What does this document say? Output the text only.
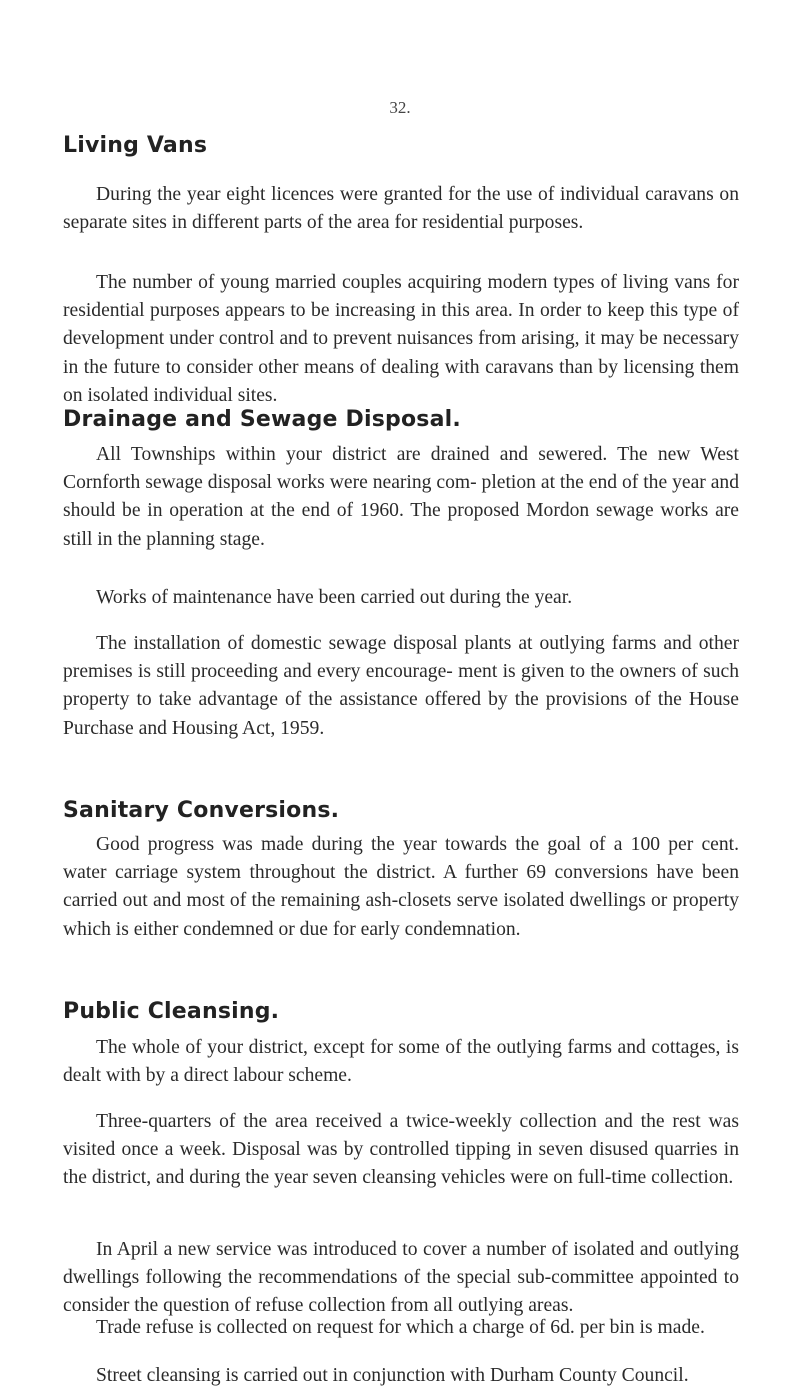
32.
Living Vans

During the year eight licences were granted for the use of individual caravans on separate sites in different parts of the area for residential purposes.

The number of young married couples acquiring modern types of living vans for residential purposes appears to be increasing in this area. In order to keep this type of development under control and to prevent nuisances from arising, it may be necessary in the future to consider other means of dealing with caravans than by licensing them on isolated individual sites.

Drainage and Sewage Disposal.

All Townships within your district are drained and sewered. The new West Cornforth sewage disposal works were nearing com- pletion at the end of the year and should be in operation at the end of 1960. The proposed Mordon sewage works are still in the planning stage.

Works of maintenance have been carried out during the year.

The installation of domestic sewage disposal plants at outlying farms and other premises is still proceeding and every encourage- ment is given to the owners of such property to take advantage of the assistance offered by the provisions of the House Purchase and Housing Act, 1959.

Sanitary Conversions.

Good progress was made during the year towards the goal of a 100 per cent. water carriage system throughout the district. A further 69 conversions have been carried out and most of the remaining ash-closets serve isolated dwellings or property which is either condemned or due for early condemnation.

Public Cleansing.

The whole of your district, except for some of the outlying farms and cottages, is dealt with by a direct labour scheme.

Three-quarters of the area received a twice-weekly collection and the rest was visited once a week. Disposal was by controlled tipping in seven disused quarries in the district, and during the year seven cleansing vehicles were on full-time collection.

In April a new service was introduced to cover a number of isolated and outlying dwellings following the recommendations of the special sub-committee appointed to consider the question of refuse collection from all outlying areas.

Trade refuse is collected on request for which a charge of 6d. per bin is made.

Street cleansing is carried out in conjunction with Durham County Council.
